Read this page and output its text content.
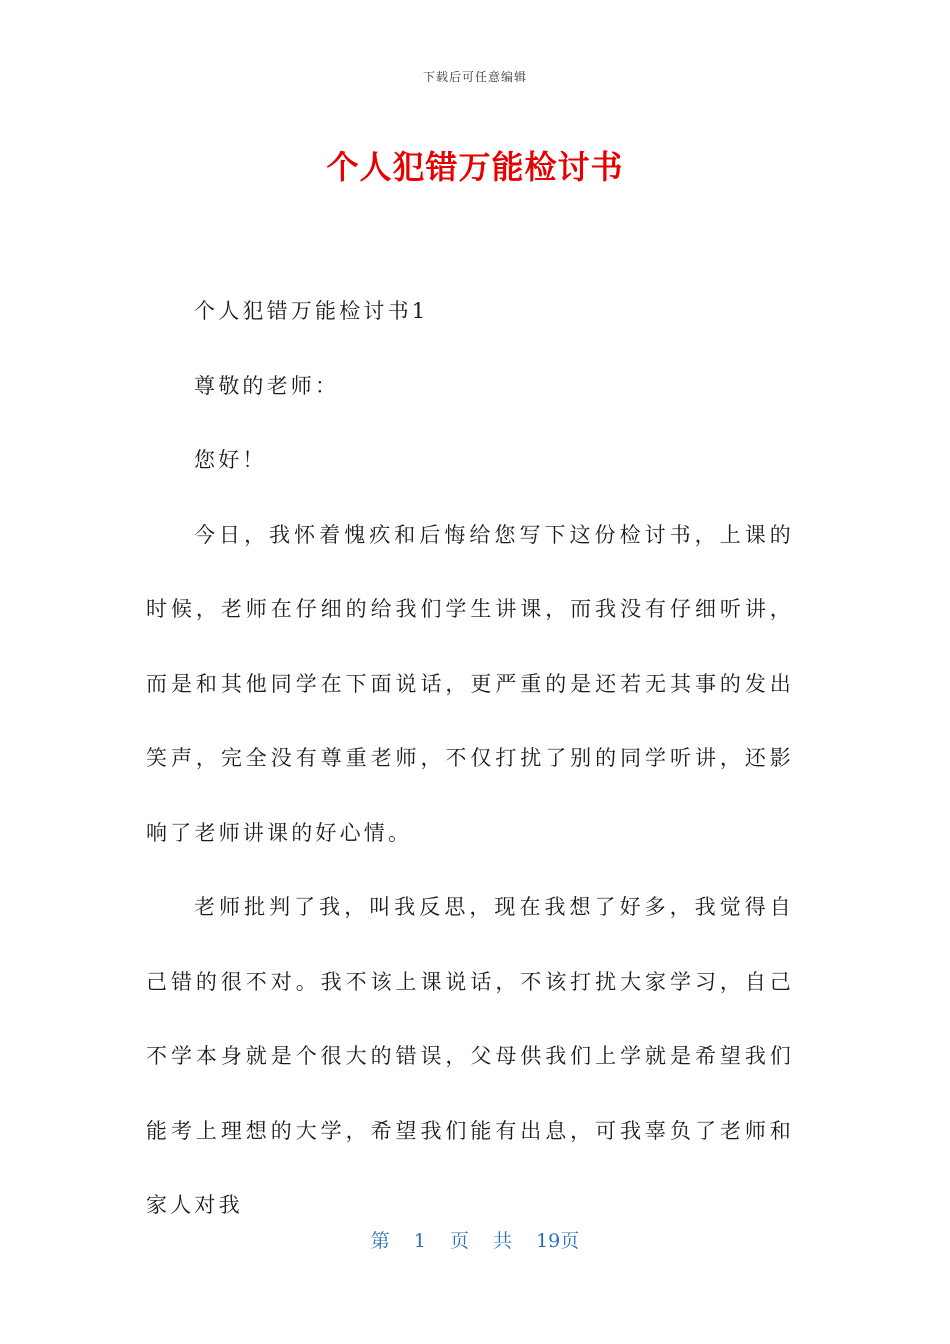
下载后可任意编辑
个人犯错万能检讨书

个人犯错万能检讨书1

尊敬的老师：

您好！

今日，我怀着愧疚和后悔给您写下这份检讨书，上课的时候，老师在仔细的给我们学生讲课，而我没有仔细听讲，而是和其他同学在下面说话，更严重的是还若无其事的发出笑声，完全没有尊重老师，不仅打扰了别的同学听讲，还影响了老师讲课的好心情。

老师批判了我，叫我反思，现在我想了好多，我觉得自己错的很不对。我不该上课说话，不该打扰大家学习，自己不学本身就是个很大的错误，父母供我们上学就是希望我们能考上理想的大学，希望我们能有出息，可我辜负了老师和家人对我

第 1 页 共 19页
